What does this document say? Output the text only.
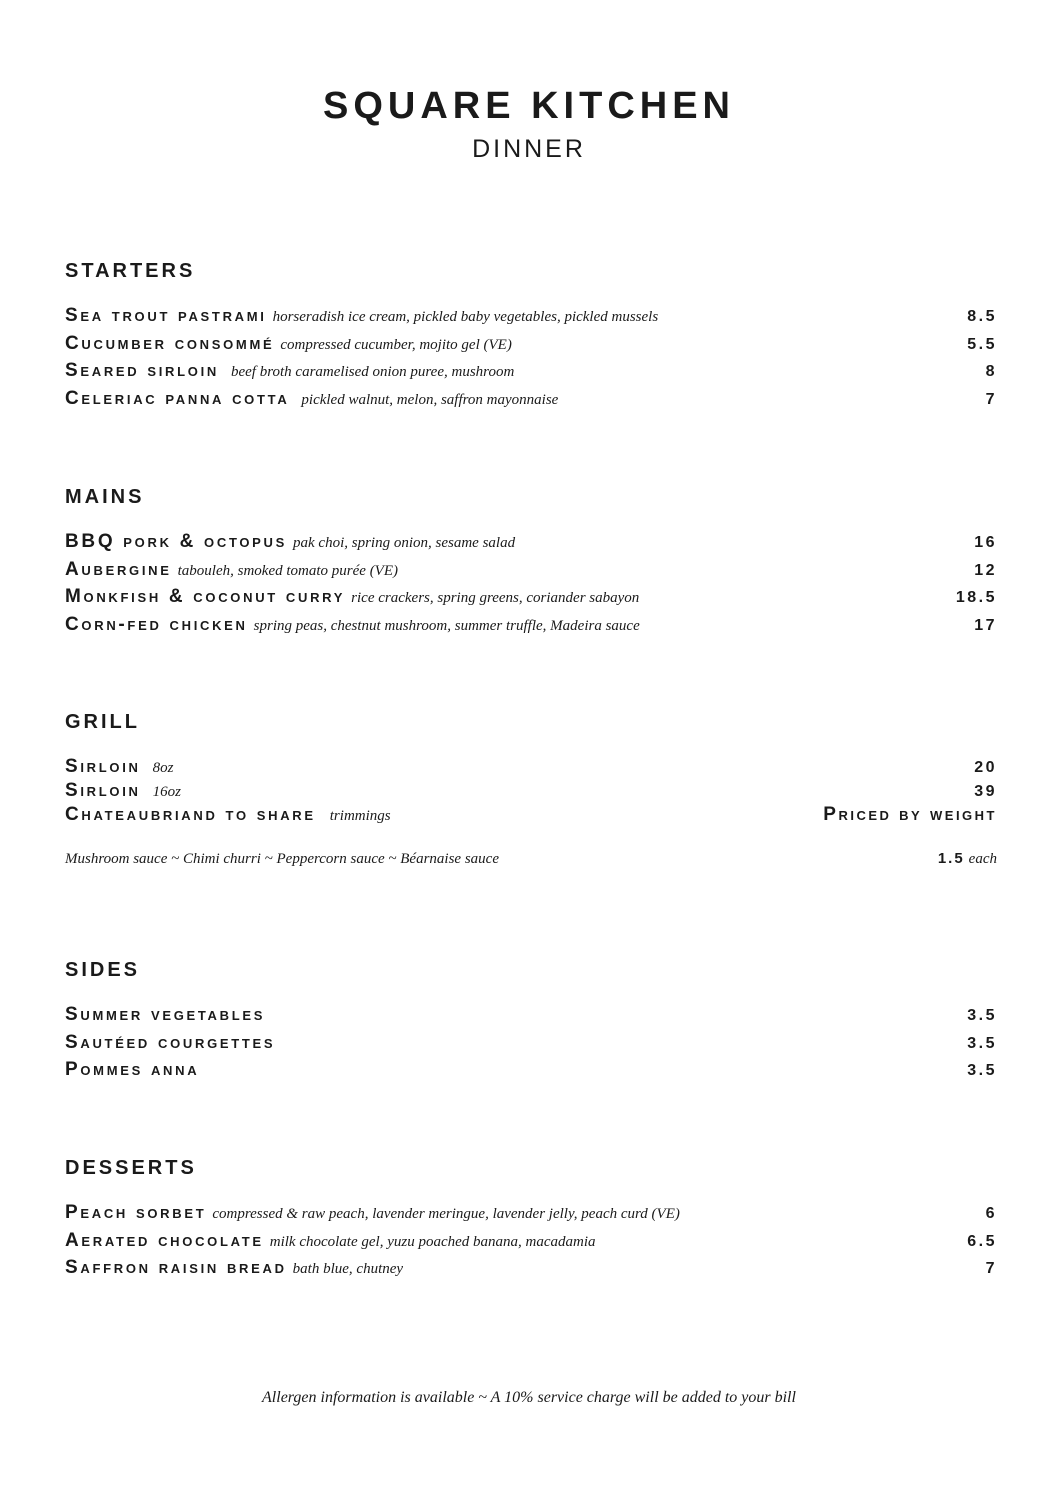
SQUARE KITCHEN
DINNER
STARTERS
Sea trout pastrami horseradish ice cream, pickled baby vegetables, pickled mussels	8.5
Cucumber consommé compressed cucumber, mojito gel (VE)	5.5
Seared sirloin beef broth caramelised onion puree, mushroom	8
Celeriac panna cotta pickled walnut, melon, saffron mayonnaise	7
MAINS
BBQ pork & octopus pak choi, spring onion, sesame salad	16
Aubergine tabouleh, smoked tomato purée (VE)	12
Monkfish & coconut curry rice crackers, spring greens, coriander sabayon	18.5
Corn-fed chicken spring peas, chestnut mushroom, summer truffle, Madeira sauce	17
GRILL
Sirloin 8oz	20
Sirloin 16oz	39
Chateaubriand to share trimmings	Priced by weight
Mushroom sauce ~ Chimi churri ~ Peppercorn sauce ~ Béarnaise sauce	1.5 each
SIDES
Summer vegetables	3.5
Sautéed courgettes	3.5
Pommes anna	3.5
DESSERTS
Peach sorbet compressed & raw peach, lavender meringue, lavender jelly, peach curd (VE)	6
Aerated chocolate milk chocolate gel, yuzu poached banana, macadamia	6.5
Saffron raisin bread bath blue, chutney	7
Allergen information is available ~ A 10% service charge will be added to your bill
